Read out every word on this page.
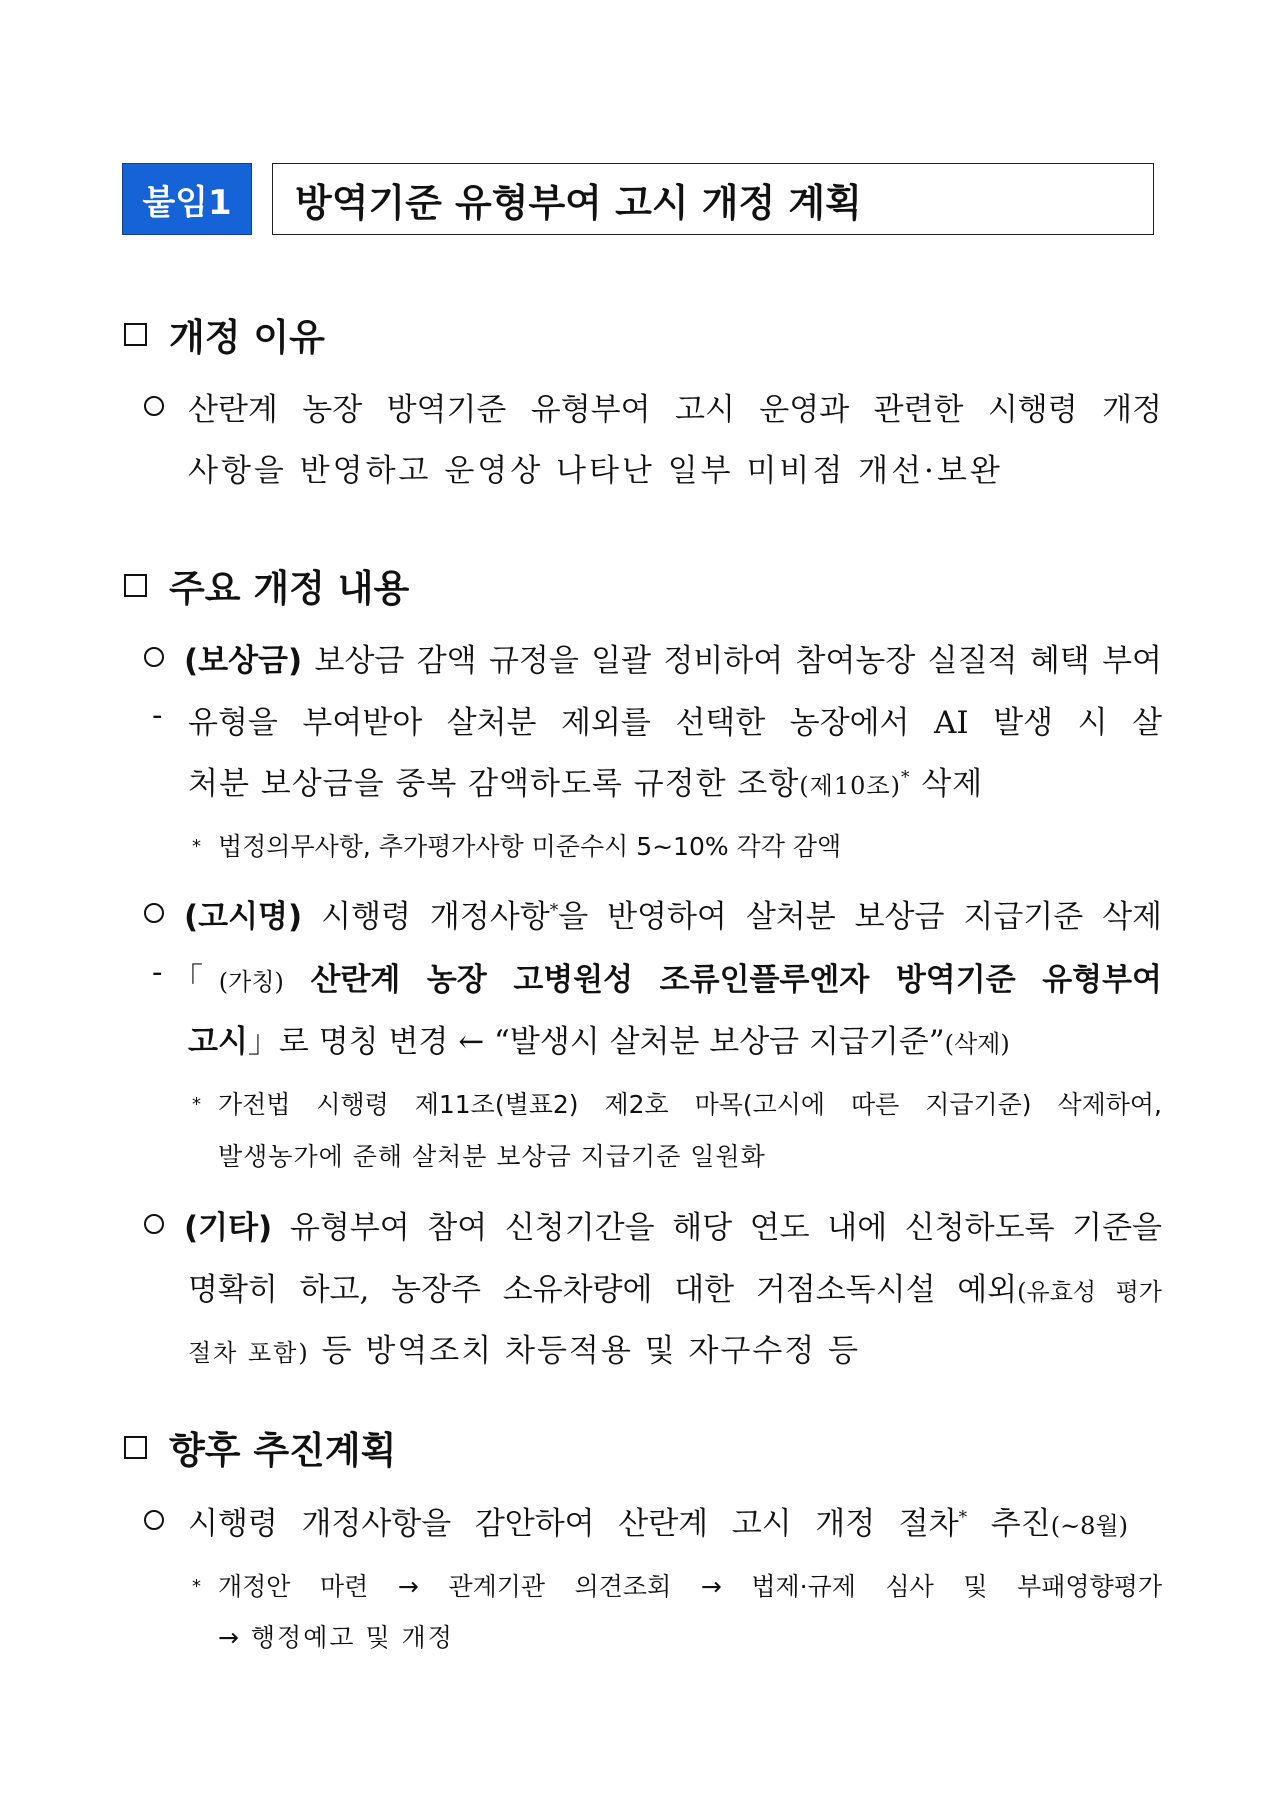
붙임1	방역기준 유형부여 고시 개정 계획
개정 이유
산란계 농장 방역기준 유형부여 고시 운영과 관련한 시행령 개정
사항을 반영하고 운영상 나타난 일부 미비점 개선·보완
주요 개정 내용
(보상금) 보상금 감액 규정을 일괄 정비하여 참여농장 실질적 혜택 부여
- 유형을 부여받아 살처분 제외를 선택한 농장에서 AI 발생 시 살
처분 보상금을 중복 감액하도록 규정한 조항(제10조)* 삭제
* 법정의무사항, 추가평가사항 미준수시 5~10% 각각 감액
(고시명) 시행령 개정사항*을 반영하여 살처분 보상금 지급기준 삭제
- 「(가칭) 산란계 농장 고병원성 조류인플루엔자 방역기준 유형부여
고시」로 명칭 변경 ← “발생시 살처분 보상금 지급기준”(삭제)
* 가전법 시행령 제11조(별표2) 제2호 마목(고시에 따른 지급기준) 삭제하여,
발생농가에 준해 살처분 보상금 지급기준 일원화
(기타) 유형부여 참여 신청기간을 해당 연도 내에 신청하도록 기준을
명확히 하고, 농장주 소유차량에 대한 거점소독시설 예외(유효성 평가
절차 포함) 등 방역조치 차등적용 및 자구수정 등
향후 추진계획
시행령 개정사항을 감안하여 산란계 고시 개정 절차* 추진(~8월)
* 개정안 마련 → 관계기관 의견조회 → 법제·규제 심사 및 부패영향평가
→ 행정예고 및 개정
